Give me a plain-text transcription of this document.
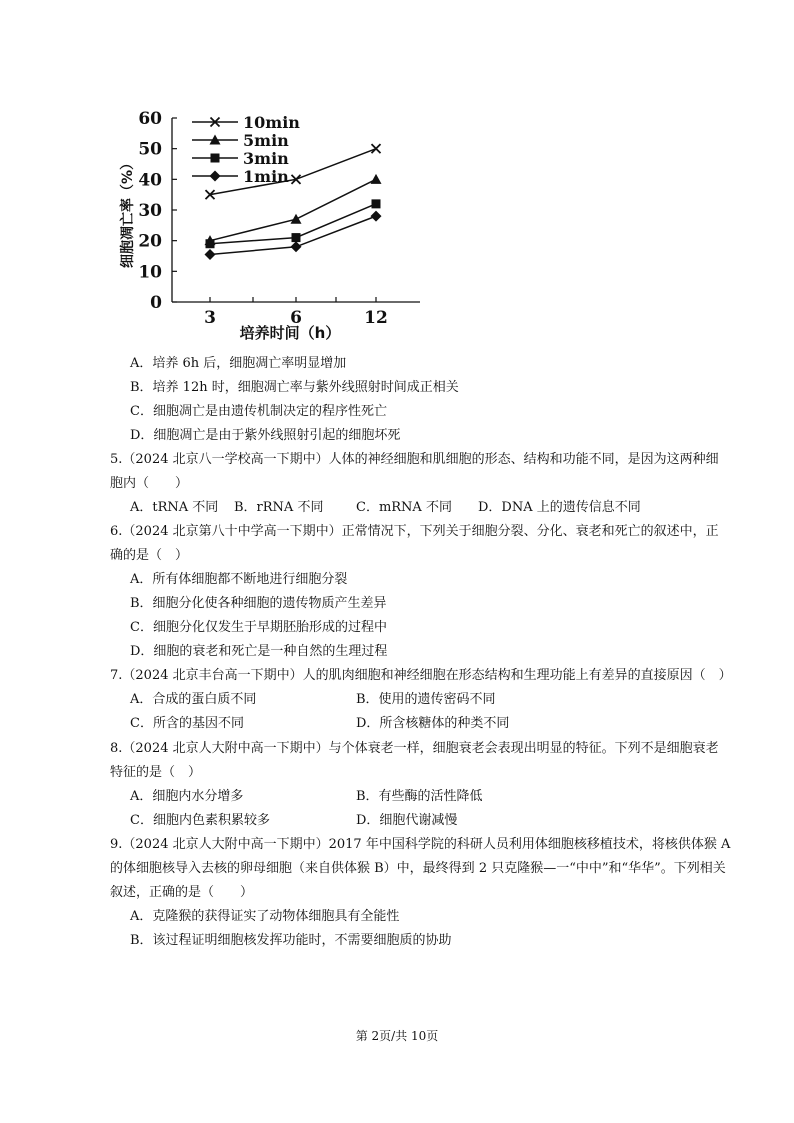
0
10
20
30
40
50
60
3	6	12
培养时间（h）
细胞凋亡率（%）
10min
5min
3min
1min
A．培养 6h 后，细胞凋亡率明显增加
B．培养 12h 时，细胞凋亡率与紫外线照射时间成正相关
C．细胞凋亡是由遗传机制决定的程序性死亡
D．细胞凋亡是由于紫外线照射引起的细胞坏死
5.（2024 北京八一学校高一下期中）人体的神经细胞和肌细胞的形态、结构和功能不同，是因为这两种细
胞内（　　）
A．tRNA 不同 B．rRNA 不同	C．mRNA 不同 D．DNA 上的遗传信息不同
6.（2024 北京第八十中学高一下期中）正常情况下，下列关于细胞分裂、分化、衰老和死亡的叙述中，正
确的是（　）
A．所有体细胞都不断地进行细胞分裂
B．细胞分化使各种细胞的遗传物质产生差异
C．细胞分化仅发生于早期胚胎形成的过程中
D．细胞的衰老和死亡是一种自然的生理过程
7.（2024 北京丰台高一下期中）人的肌肉细胞和神经细胞在形态结构和生理功能上有差异的直接原因（　）
A．合成的蛋白质不同	B．使用的遗传密码不同
C．所含的基因不同	D．所含核糖体的种类不同
8.（2024 北京人大附中高一下期中）与个体衰老一样，细胞衰老会表现出明显的特征。下列不是细胞衰老
特征的是（　）
A．细胞内水分增多	B．有些酶的活性降低
C．细胞内色素积累较多	D．细胞代谢减慢
9.（2024 北京人大附中高一下期中）2017 年中国科学院的科研人员利用体细胞核移植技术，将核供体猴 A
的体细胞核导入去核的卵母细胞（来自供体猴 B）中，最终得到 2 只克隆猴—一“中中”和“华华”。下列相关
叙述，正确的是（　　）
A．克隆猴的获得证实了动物体细胞具有全能性
B．该过程证明细胞核发挥功能时，不需要细胞质的协助
第 2页/共 10页
